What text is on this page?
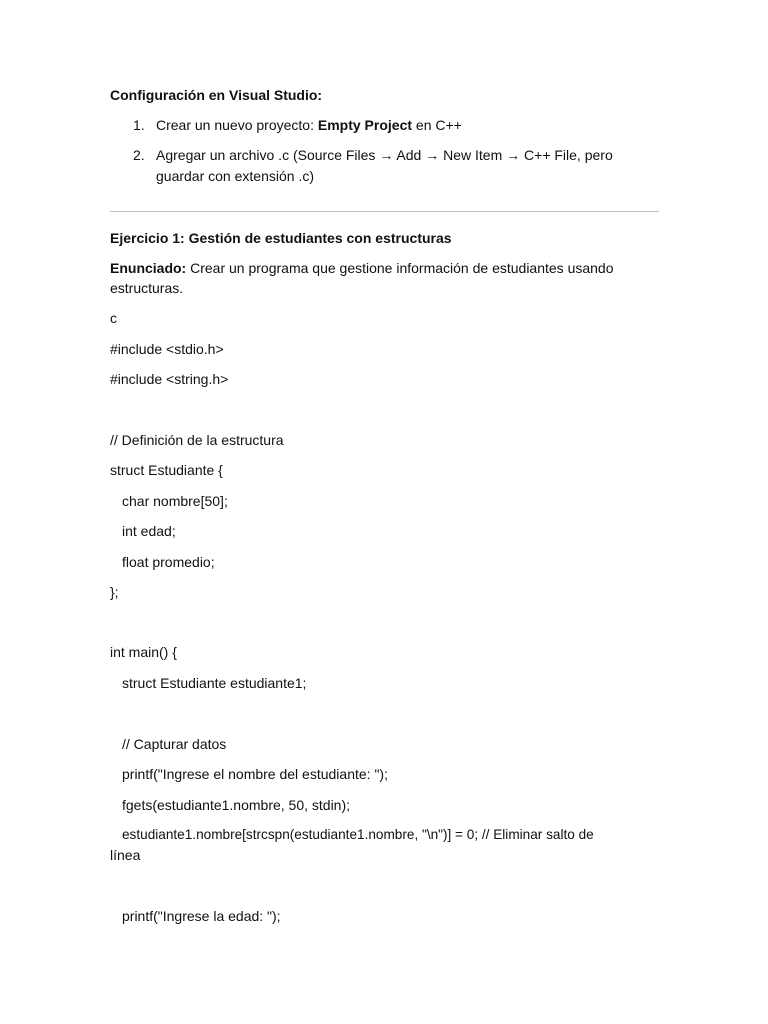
Configuración en Visual Studio:
1. Crear un nuevo proyecto: Empty Project en C++
2. Agregar un archivo .c (Source Files → Add → New Item → C++ File, pero guardar con extensión .c)
Ejercicio 1: Gestión de estudiantes con estructuras
Enunciado: Crear un programa que gestione información de estudiantes usando estructuras.
c
#include <stdio.h>
#include <string.h>
// Definición de la estructura
struct Estudiante {
char nombre[50];
int edad;
float promedio;
};
int main() {
struct Estudiante estudiante1;
// Capturar datos
printf("Ingrese el nombre del estudiante: ");
fgets(estudiante1.nombre, 50, stdin);
estudiante1.nombre[strcspn(estudiante1.nombre, "\n")] = 0; // Eliminar salto de
línea
printf("Ingrese la edad: ");
